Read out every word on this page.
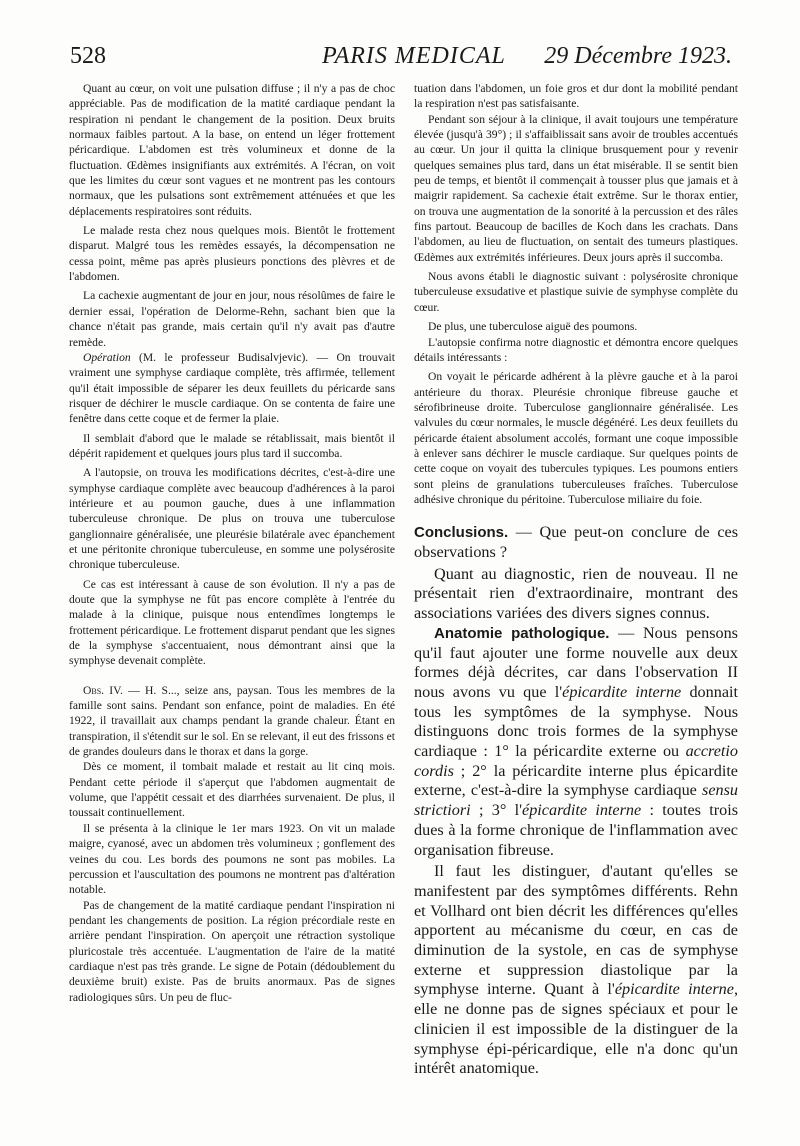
528	PARIS MEDICAL 29 Décembre 1923.

Quant au cœur, on voit une pulsation diffuse ; il n'y a pas de choc appréciable. Pas de modification de la matité cardiaque pendant la respiration ni pendant le changement de la position. Deux bruits normaux faibles partout. A la base, on entend un léger frottement péricardique. L'abdomen est très volumineux et donne de la fluctuation. Œdèmes insignifiants aux extrémités. A l'écran, on voit que les limites du cœur sont vagues et ne montrent pas les contours normaux, que les pulsations sont extrêmement atténuées et que les déplacements respiratoires sont réduits.

Le malade resta chez nous quelques mois. Bientôt le frottement disparut. Malgré tous les remèdes essayés, la décompensation ne cessa point, même pas après plusieurs ponctions des plèvres et de l'abdomen.

La cachexie augmentant de jour en jour, nous résolûmes de faire le dernier essai, l'opération de Delorme-Rehn, sachant bien que la chance n'était pas grande, mais certain qu'il n'y avait pas d'autre remède.

Opération (M. le professeur Budisalvjevic). — On trouvait vraiment une symphyse cardiaque complète, très affirmée, tellement qu'il était impossible de séparer les deux feuillets du péricarde sans risquer de déchirer le muscle cardiaque. On se contenta de faire une fenêtre dans cette coque et de fermer la plaie.

Il semblait d'abord que le malade se rétablissait, mais bientôt il dépérit rapidement et quelques jours plus tard il succomba.

A l'autopsie, on trouva les modifications décrites, c'est-à-dire une symphyse cardiaque complète avec beaucoup d'adhérences à la paroi intérieure et au poumon gauche, dues à une inflammation tuberculeuse chronique. De plus on trouva une tuberculose ganglionnaire généralisée, une pleurésie bilatérale avec épanchement et une péritonite chronique tuberculeuse, en somme une polysérosite chronique tuberculeuse.

Ce cas est intéressant à cause de son évolution. Il n'y a pas de doute que la symphyse ne fût pas encore complète à l'entrée du malade à la clinique, puisque nous entendîmes longtemps le frottement péricardique. Le frottement disparut pendant que les signes de la symphyse s'accentuaient, nous démontrant ainsi que la symphyse devenait complète.

Obs. IV. — H. S..., seize ans, paysan. Tous les membres de la famille sont sains. Pendant son enfance, point de maladies. En été 1922, il travaillait aux champs pendant la grande chaleur. Étant en transpiration, il s'étendit sur le sol. En se relevant, il eut des frissons et de grandes douleurs dans le thorax et dans la gorge.

Dès ce moment, il tombait malade et restait au lit cinq mois. Pendant cette période il s'aperçut que l'abdomen augmentait de volume, que l'appétit cessait et des diarrhées survenaient. De plus, il toussait continuellement.

Il se présenta à la clinique le 1er mars 1923. On vit un malade maigre, cyanosé, avec un abdomen très volumineux ; gonflement des veines du cou. Les bords des poumons ne sont pas mobiles. La percussion et l'auscultation des poumons ne montrent pas d'altération notable.

Pas de changement de la matité cardiaque pendant l'inspiration ni pendant les changements de position. La région précordiale reste en arrière pendant l'inspiration. On aperçoit une rétraction systolique pluricostale très accentuée. L'augmentation de l'aire de la matité cardiaque n'est pas très grande. Le signe de Potain (dédoublement du deuxième bruit) existe. Pas de bruits anormaux. Pas de signes radiologiques sûrs. Un peu de fluc-

tuation dans l'abdomen, un foie gros et dur dont la mobilité pendant la respiration n'est pas satisfaisante.

Pendant son séjour à la clinique, il avait toujours une température élevée (jusqu'à 39°) ; il s'affaiblissait sans avoir de troubles accentués au cœur. Un jour il quitta la clinique brusquement pour y revenir quelques semaines plus tard, dans un état misérable. Il se sentit bien peu de temps, et bientôt il commençait à tousser plus que jamais et à maigrir rapidement. Sa cachexie était extrême. Sur le thorax entier, on trouva une augmentation de la sonorité à la percussion et des râles fins partout. Beaucoup de bacilles de Koch dans les crachats. Dans l'abdomen, au lieu de fluctuation, on sentait des tumeurs plastiques. Œdèmes aux extrémités inférieures. Deux jours après il succomba.

Nous avons établi le diagnostic suivant : polysérosite chronique tuberculeuse exsudative et plastique suivie de symphyse complète du cœur.

De plus, une tuberculose aiguë des poumons.

L'autopsie confirma notre diagnostic et démontra encore quelques détails intéressants :

On voyait le péricarde adhérent à la plèvre gauche et à la paroi antérieure du thorax. Pleurésie chronique fibreuse gauche et sérofibrineuse droite. Tuberculose ganglionnaire généralisée. Les valvules du cœur normales, le muscle dégénéré. Les deux feuillets du péricarde étaient absolument accolés, formant une coque impossible à enlever sans déchirer le muscle cardiaque. Sur quelques points de cette coque on voyait des tubercules typiques. Les poumons entiers sont pleins de granulations tuberculeuses fraîches. Tuberculose adhésive chronique du péritoine. Tuberculose miliaire du foie.

Conclusions. — Que peut-on conclure de ces observations ?

Quant au diagnostic, rien de nouveau. Il ne présentait rien d'extraordinaire, montrant des associations variées des divers signes connus.

Anatomie pathologique. — Nous pensons qu'il faut ajouter une forme nouvelle aux deux formes déjà décrites, car dans l'observation II nous avons vu que l'épicardite interne donnait tous les symptômes de la symphyse. Nous distinguons donc trois formes de la symphyse cardiaque : 1° la péricardite externe ou accretio cordis ; 2° la péricardite interne plus épicardite externe, c'est-à-dire la symphyse cardiaque sensu strictiori ; 3° l'épicardite interne : toutes trois dues à la forme chronique de l'inflammation avec organisation fibreuse.

Il faut les distinguer, d'autant qu'elles se manifestent par des symptômes différents. Rehn et Vollhard ont bien décrit les différences qu'elles apportent au mécanisme du cœur, en cas de diminution de la systole, en cas de symphyse externe et suppression diastolique par la symphyse interne. Quant à l'épicardite interne, elle ne donne pas de signes spéciaux et pour le clinicien il est impossible de la distinguer de la symphyse épi-péricardique, elle n'a donc qu'un intérêt anatomique.
